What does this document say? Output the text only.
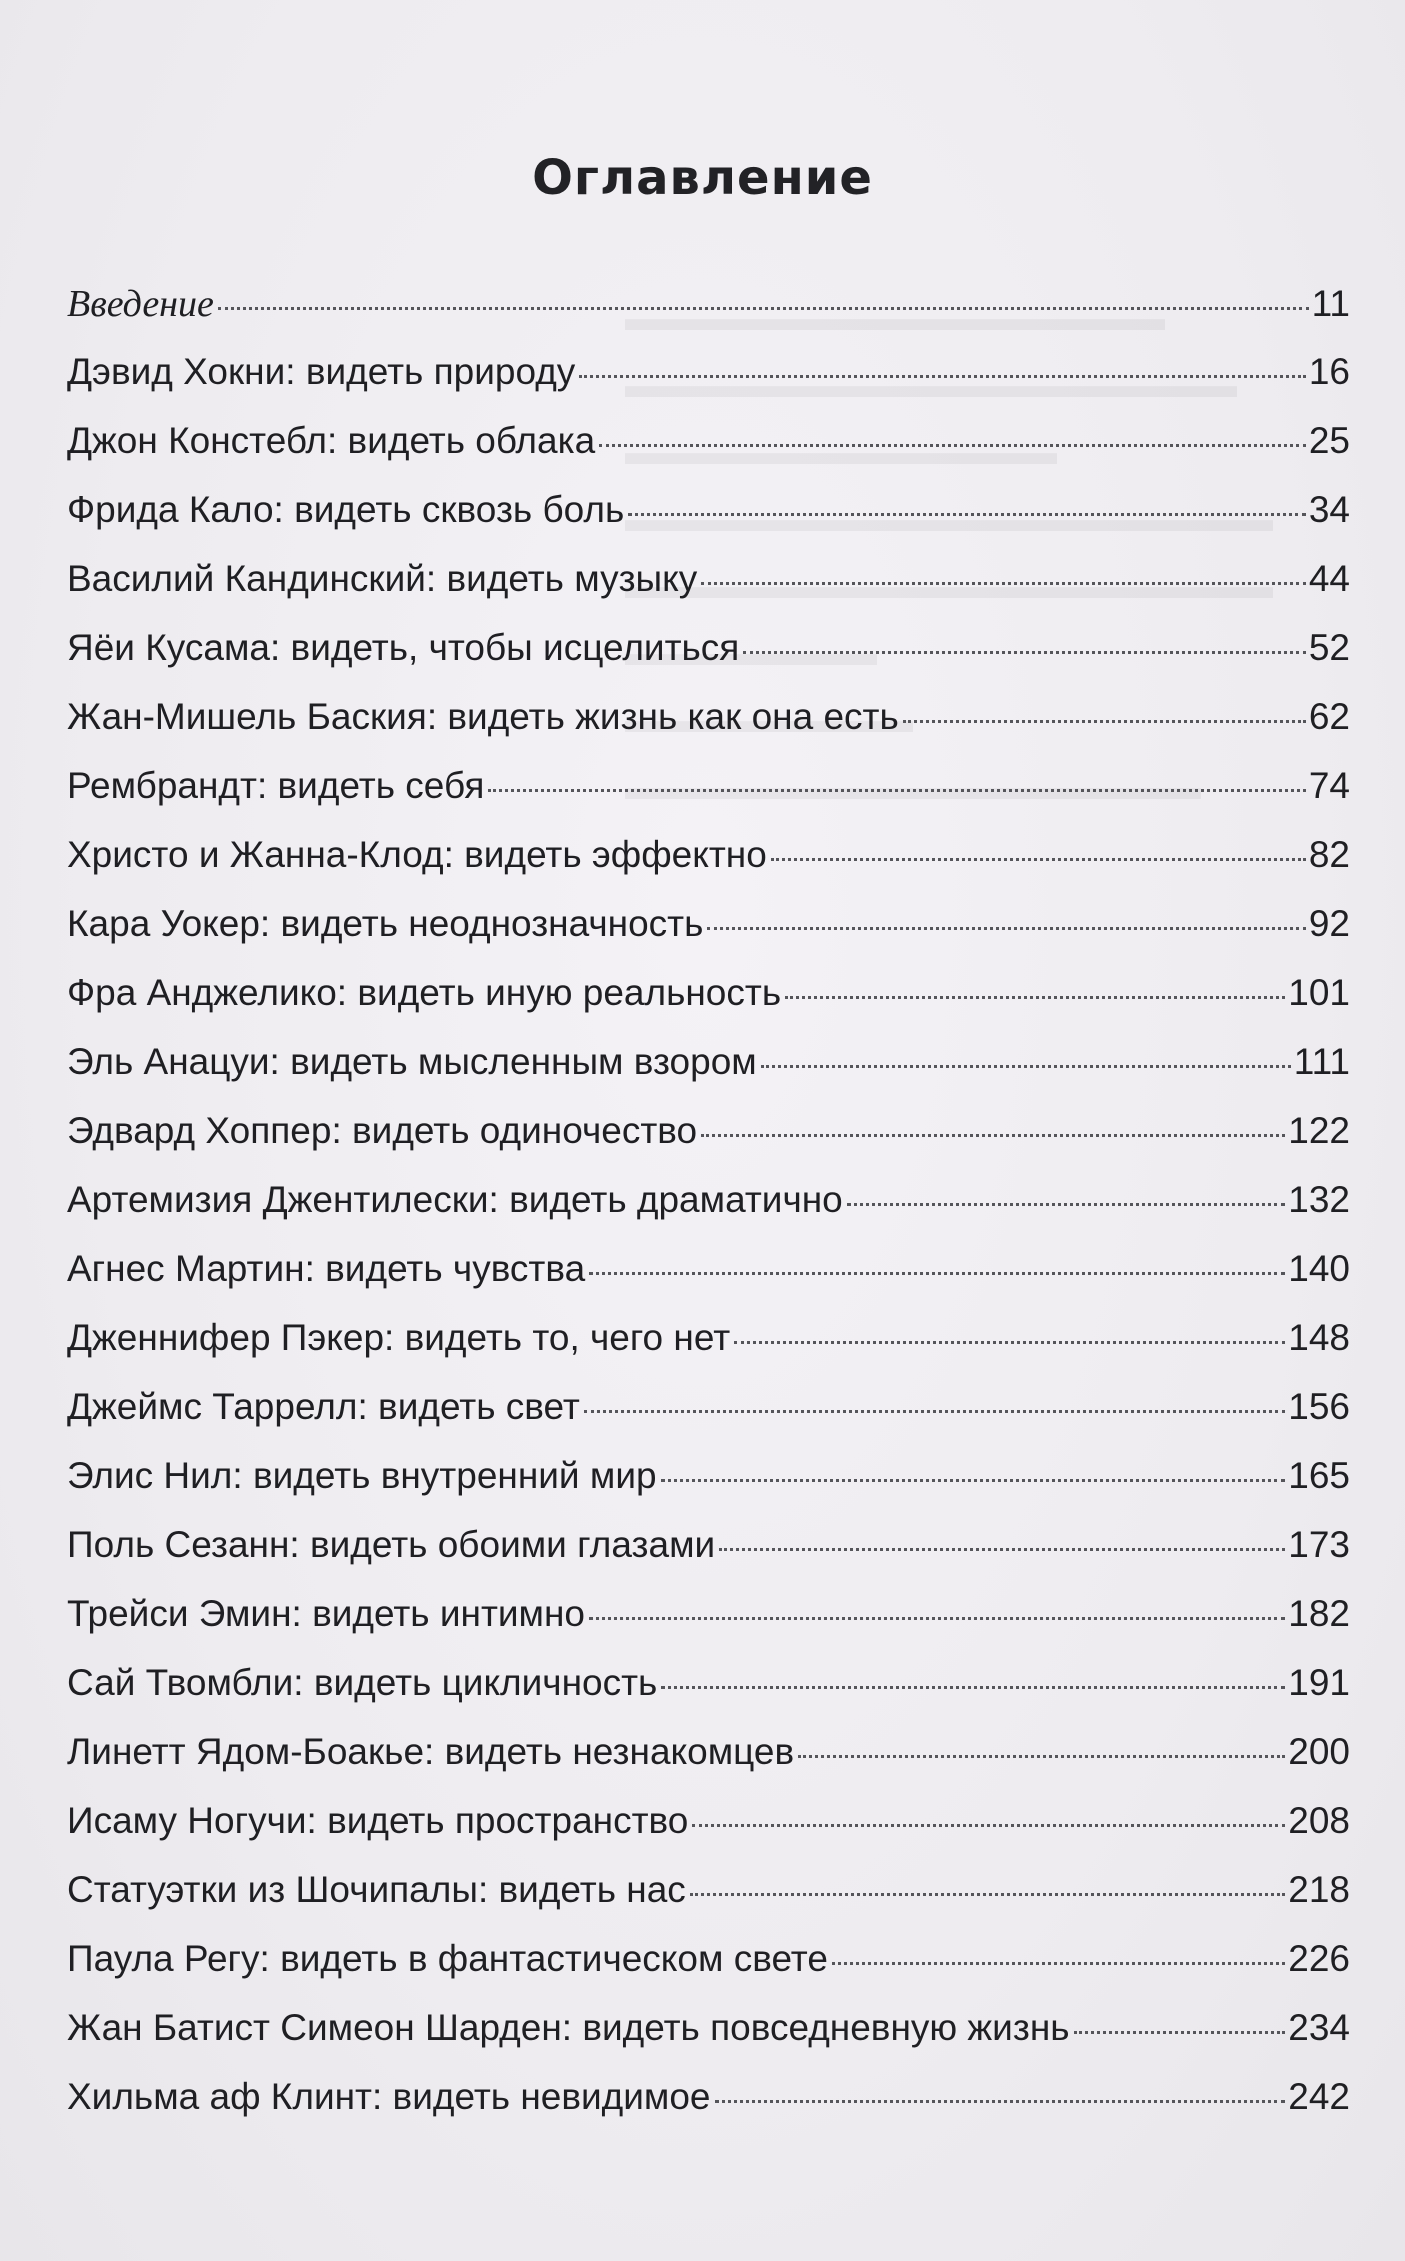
Оглавление
Введение	11
Дэвид Хокни: видеть природу	16
Джон Констебл: видеть облака	25
Фрида Кало: видеть сквозь боль	34
Василий Кандинский: видеть музыку	44
Яёи Кусама: видеть, чтобы исцелиться	52
Жан-Мишель Баския: видеть жизнь как она есть	62
Рембрандт: видеть себя	74
Христо и Жанна-Клод: видеть эффектно	82
Кара Уокер: видеть неоднозначность	92
Фра Анджелико: видеть иную реальность	101
Эль Анацуи: видеть мысленным взором	111
Эдвард Хоппер: видеть одиночество	122
Артемизия Джентилески: видеть драматично	132
Агнес Мартин: видеть чувства	140
Дженнифер Пэкер: видеть то, чего нет	148
Джеймс Таррелл: видеть свет	156
Элис Нил: видеть внутренний мир	165
Поль Сезанн: видеть обоими глазами	173
Трейси Эмин: видеть интимно	182
Сай Твомбли: видеть цикличность	191
Линетт Ядом-Боакье: видеть незнакомцев	200
Исаму Ногучи: видеть пространство	208
Статуэтки из Шочипалы: видеть нас	218
Паула Регу: видеть в фантастическом свете	226
Жан Батист Симеон Шарден: видеть повседневную жизнь	234
Хильма аф Клинт: видеть невидимое	242
